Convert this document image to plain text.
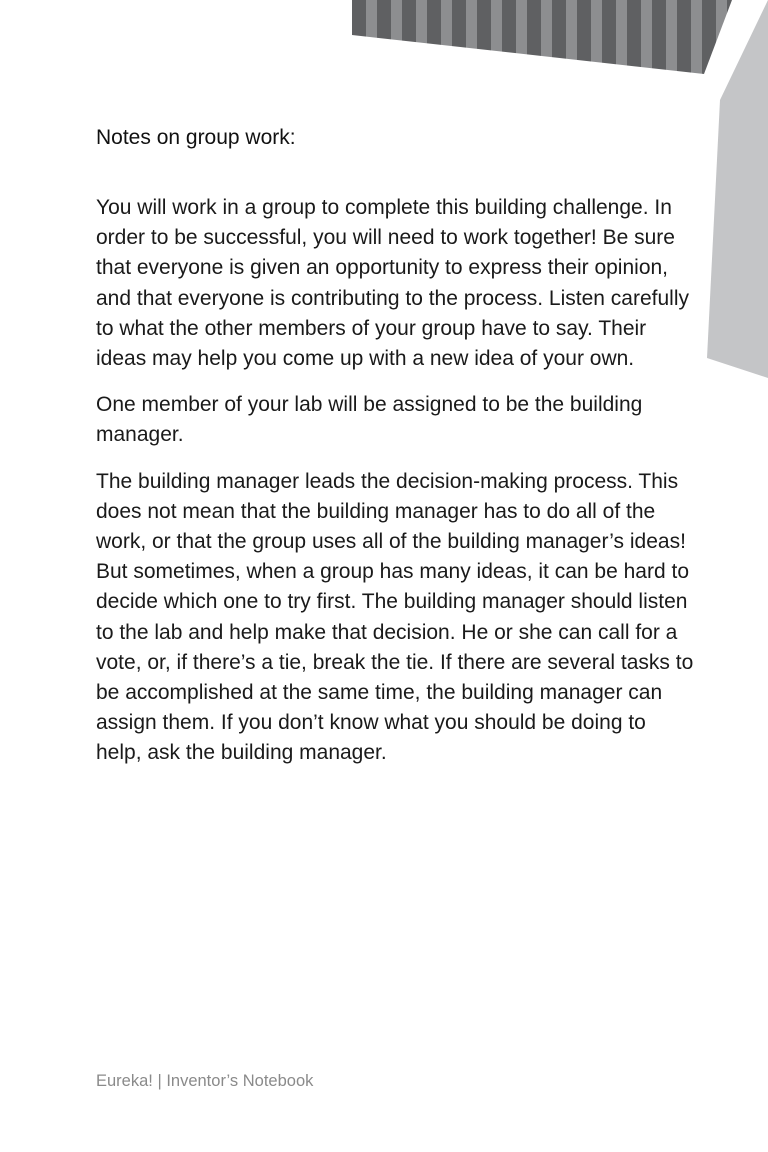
Notes on group work:

You will work in a group to complete this building challenge. In order to be successful, you will need to work together! Be sure that everyone is given an opportunity to express their opinion, and that everyone is contributing to the process. Listen carefully to what the other members of your group have to say. Their ideas may help you come up with a new idea of your own.

One member of your lab will be assigned to be the building manager.

The building manager leads the decision-making process. This does not mean that the building manager has to do all of the work, or that the group uses all of the building manager’s ideas! But sometimes, when a group has many ideas, it can be hard to decide which one to try first. The building manager should listen to the lab and help make that decision. He or she can call for a vote, or, if there’s a tie, break the tie. If there are several tasks to be accomplished at the same time, the building manager can assign them. If you don’t know what you should be doing to help, ask the building manager.

Eureka! | Inventor’s Notebook
